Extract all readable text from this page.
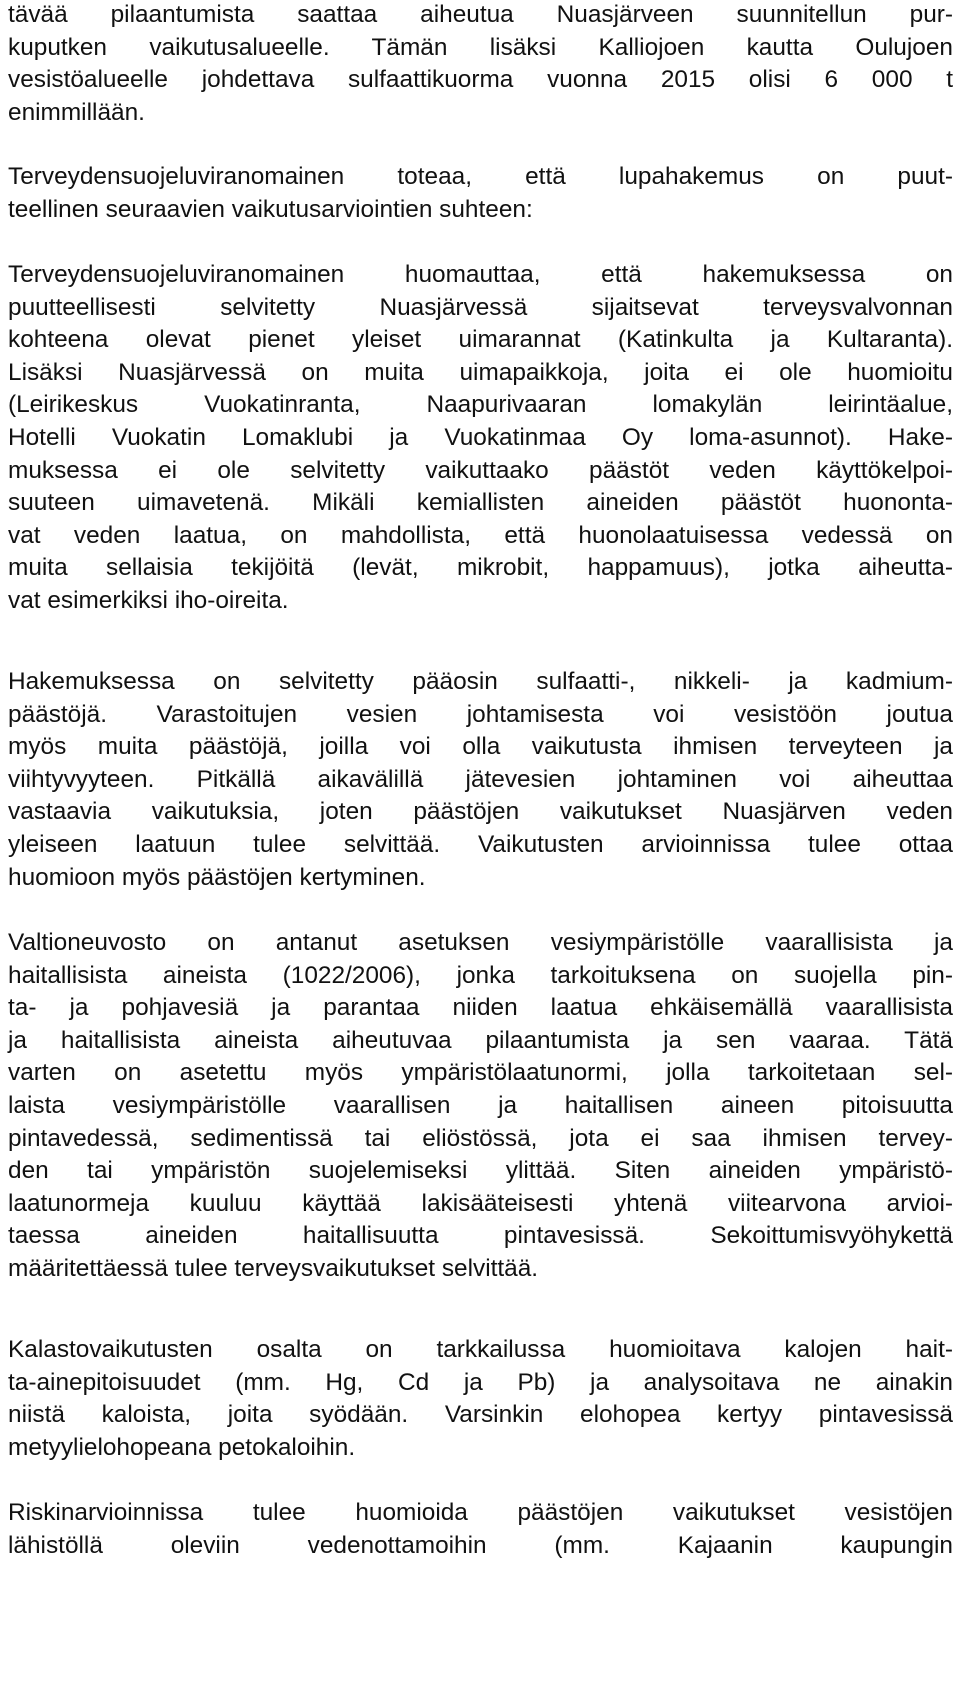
tävää pilaantumista saattaa aiheutua Nuasjärveen suunnitellun pur-
kuputken vaikutusalueelle. Tämän lisäksi Kalliojoen kautta Oulujoen
vesistöalueelle johdettava sulfaattikuorma vuonna 2015 olisi 6 000 t
enimmillään.
Terveydensuojeluviranomainen toteaa, että lupahakemus on puut-
teellinen seuraavien vaikutusarviointien suhteen:
Terveydensuojeluviranomainen huomauttaa, että hakemuksessa on
puutteellisesti selvitetty Nuasjärvessä sijaitsevat terveysvalvonnan
kohteena olevat pienet yleiset uimarannat (Katinkulta ja Kultaranta).
Lisäksi Nuasjärvessä on muita uimapaikkoja, joita ei ole huomioitu
(Leirikeskus Vuokatinranta, Naapurivaaran lomakylän leirintäalue,
Hotelli Vuokatin Lomaklubi ja Vuokatinmaa Oy loma-asunnot). Hake-
muksessa ei ole selvitetty vaikuttaako päästöt veden käyttökelpoi-
suuteen uimavetenä. Mikäli kemiallisten aineiden päästöt huononta-
vat veden laatua, on mahdollista, että huonolaatuisessa vedessä on
muita sellaisia tekijöitä (levät, mikrobit, happamuus), jotka aiheutta-
vat esimerkiksi iho-oireita.
Hakemuksessa on selvitetty pääosin sulfaatti-, nikkeli- ja kadmium-
päästöjä. Varastoitujen vesien johtamisesta voi vesistöön joutua
myös muita päästöjä, joilla voi olla vaikutusta ihmisen terveyteen ja
viihtyvyyteen. Pitkällä aikavälillä jätevesien johtaminen voi aiheuttaa
vastaavia vaikutuksia, joten päästöjen vaikutukset Nuasjärven veden
yleiseen laatuun tulee selvittää. Vaikutusten arvioinnissa tulee ottaa
huomioon myös päästöjen kertyminen.
Valtioneuvosto on antanut asetuksen vesiympäristölle vaarallisista ja
haitallisista aineista (1022/2006), jonka tarkoituksena on suojella pin-
ta- ja pohjavesiä ja parantaa niiden laatua ehkäisemällä vaarallisista
ja haitallisista aineista aiheutuvaa pilaantumista ja sen vaaraa. Tätä
varten on asetettu myös ympäristölaatunormi, jolla tarkoitetaan sel-
laista vesiympäristölle vaarallisen ja haitallisen aineen pitoisuutta
pintavedessä, sedimentissä tai eliöstössä, jota ei saa ihmisen tervey-
den tai ympäristön suojelemiseksi ylittää. Siten aineiden ympäristö-
laatunormeja kuuluu käyttää lakisääteisesti yhtenä viitearvona arvioi-
taessa aineiden haitallisuutta pintavesissä. Sekoittumisvyöhykettä
määritettäessä tulee terveysvaikutukset selvittää.
Kalastovaikutusten osalta on tarkkailussa huomioitava kalojen hait-
ta-ainepitoisuudet (mm. Hg, Cd ja Pb) ja analysoitava ne ainakin
niistä kaloista, joita syödään. Varsinkin elohopea kertyy pintavesissä
metyylielohopeana petokaloihin.
Riskinarvioinnissa tulee huomioida päästöjen vaikutukset vesistöjen
lähistöllä oleviin vedenottamoihin (mm. Kajaanin kaupungin
